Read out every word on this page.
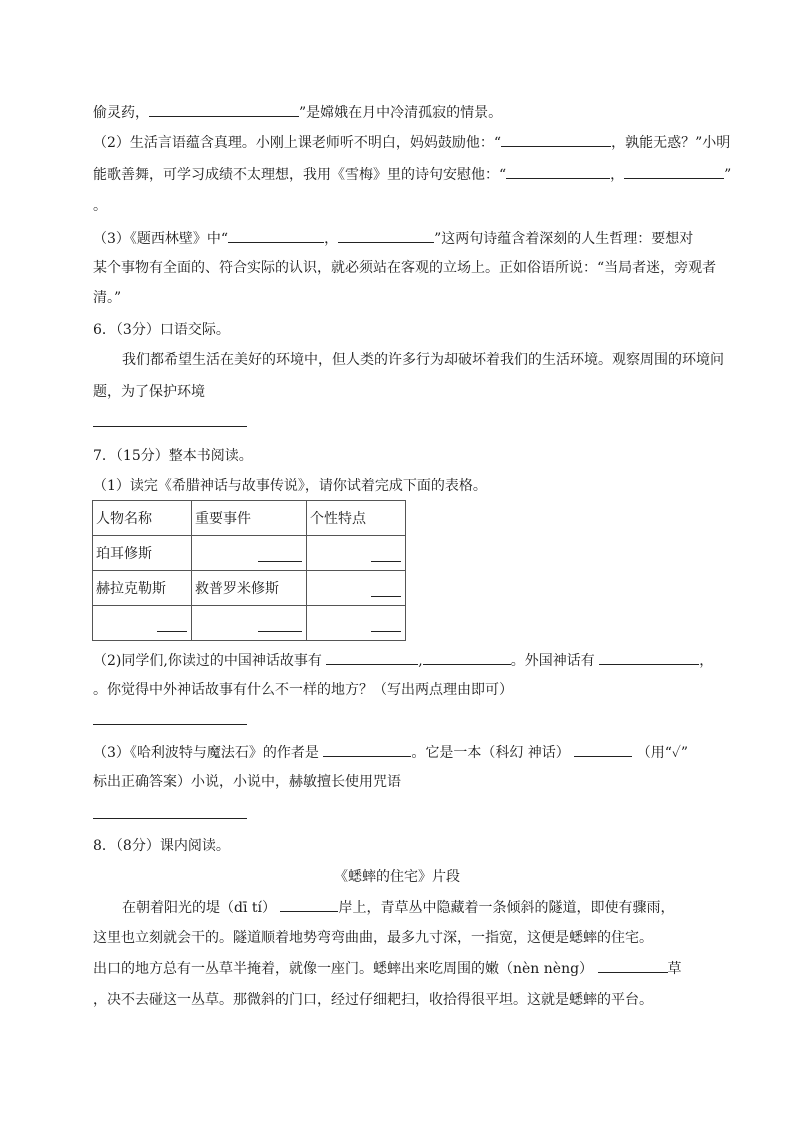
偷灵药，	”是嫦娥在月中冷清孤寂的情景。
（2）生活言语蕴含真理。小刚上课老师听不明白，妈妈鼓励他：“	，孰能无惑？”小明
能歌善舞，可学习成绩不太理想，我用《雪梅》里的诗句安慰他：“	，	”
。
（3）《题西林壁》中“	，	”这两句诗蕴含着深刻的人生哲理：要想对
某个事物有全面的、符合实际的认识，就必须站在客观的立场上。正如俗语所说：“当局者迷，旁观者
清。”
6．（3分）口语交际。
我们都希望生活在美好的环境中，但人类的许多行为却破坏着我们的生活环境。观察周围的环境问
题，为了保护环境
7．（15分）整本书阅读。
（1）读完《希腊神话与故事传说》，请你试着完成下面的表格。
人物名称	重要事件	个性特点
珀耳修斯	

赫拉克勒斯	救普罗米修斯	

（2)同学们,你读过的中国神话故事有	,	。外国神话有	，
。你觉得中外神话故事有什么不一样的地方？（写出两点理由即可）
（3）《哈利波特与魔法石》的作者是	。它是一本（科幻 神话）	（用“✓”
标出正确答案）小说，小说中，赫敏擅长使用咒语
8．（8分）课内阅读。
《蟋蟀的住宅》片段
在朝着阳光的堤（dī tí）	岸上，青草丛中隐藏着一条倾斜的隧道，即使有骤雨，
这里也立刻就会干的。隧道顺着地势弯弯曲曲，最多九寸深，一指宽，这便是蟋蟀的住宅。
出口的地方总有一丛草半掩着，就像一座门。蟋蟀出来吃周围的嫩（nèn nèng）	草
，决不去碰这一丛草。那微斜的门口，经过仔细耙扫，收拾得很平坦。这就是蟋蟀的平台。
